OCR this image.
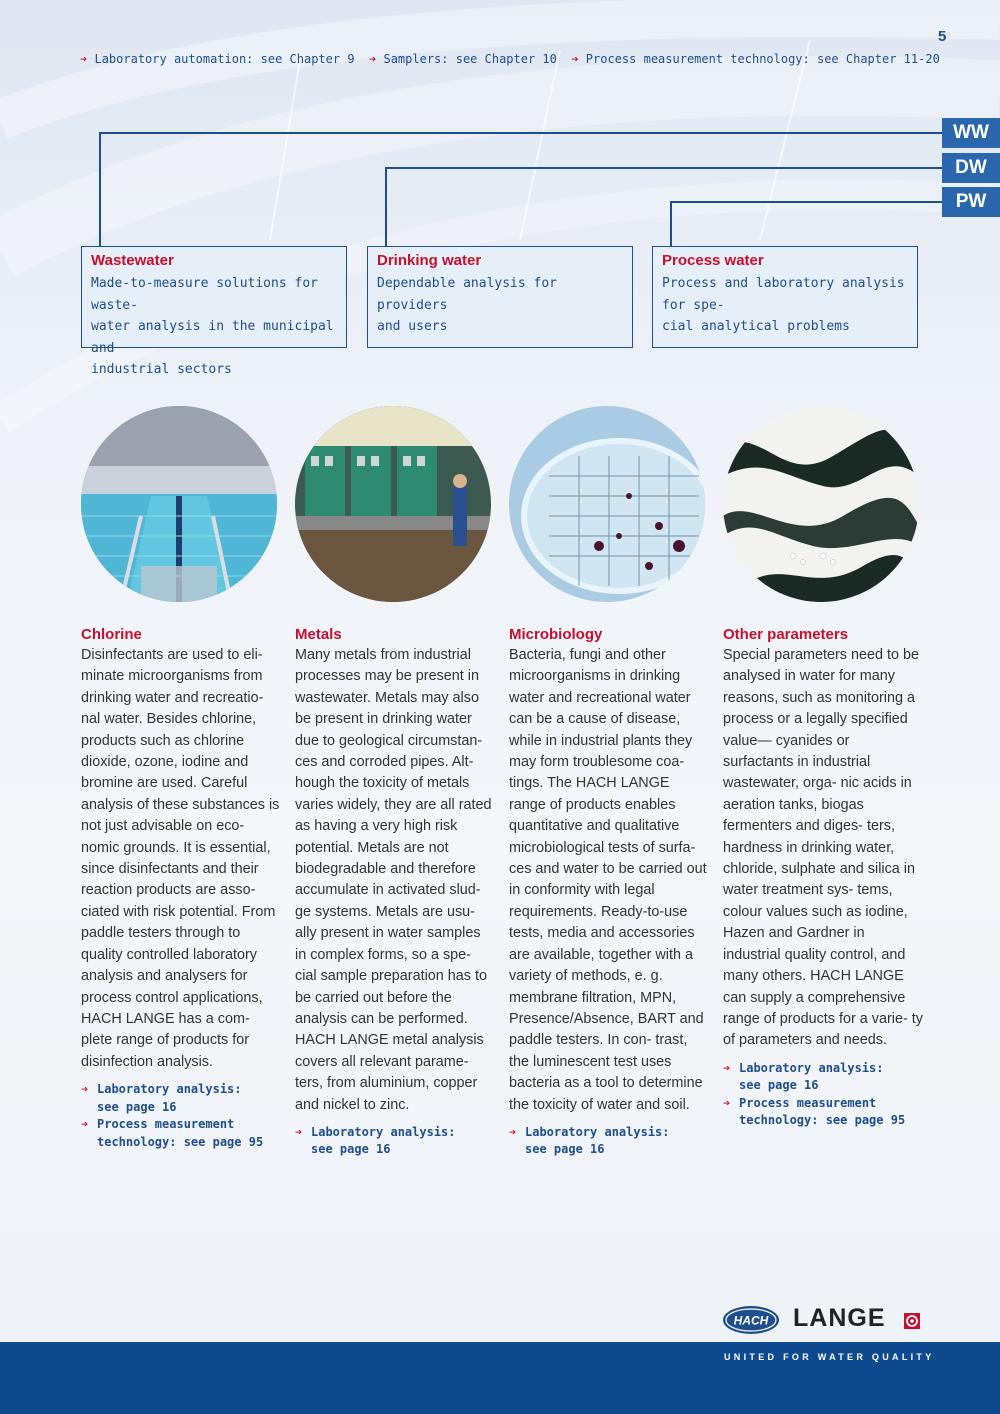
5
➔ Laboratory automation: see Chapter 9 ➔ Samplers: see Chapter 10 ➔ Process measurement technology: see Chapter 11-20
WW
DW
PW
Wastewater
Made-to-measure solutions for waste-
water analysis in the municipal and
industrial sectors
Drinking water
Dependable analysis for providers
and users
Process water
Process and laboratory analysis for spe-
cial analytical problems
Chlorine
Disinfectants are used to eli- minate microorganisms from drinking water and recreatio- nal water. Besides chlorine, products such as chlorine dioxide, ozone, iodine and bromine are used. Careful analysis of these substances is not just advisable on eco- nomic grounds. It is essential, since disinfectants and their reaction products are asso- ciated with risk potential. From paddle testers through to quality controlled laboratory analysis and analysers for process control applications, HACH LANGE has a com- plete range of products for disinfection analysis.
➔ Laboratory analysis:
see page 16
➔ Process measurement
technology: see page 95
Metals
Many metals from industrial processes may be present in wastewater. Metals may also be present in drinking water due to geological circumstan- ces and corroded pipes. Alt- hough the toxicity of metals varies widely, they are all rated as having a very high risk potential. Metals are not biodegradable and therefore accumulate in activated slud- ge systems. Metals are usu- ally present in water samples in complex forms, so a spe- cial sample preparation has to be carried out before the analysis can be performed. HACH LANGE metal analysis covers all relevant parame- ters, from aluminium, copper and nickel to zinc.
➔ Laboratory analysis:
see page 16
Microbiology
Bacteria, fungi and other microorganisms in drinking water and recreational water can be a cause of disease, while in industrial plants they may form troublesome coa- tings. The HACH LANGE range of products enables quantitative and qualitative microbiological tests of surfa- ces and water to be carried out in conformity with legal requirements. Ready-to-use tests, media and accessories are available, together with a variety of methods, e. g. membrane filtration, MPN, Presence/Absence, BART and paddle testers. In con- trast, the luminescent test uses bacteria as a tool to determine the toxicity of water and soil.
➔ Laboratory analysis:
see page 16
Other parameters
Special parameters need to be analysed in water for many reasons, such as monitoring a process or a legally specified value— cyanides or surfactants in industrial wastewater, orga- nic acids in aeration tanks, biogas fermenters and diges- ters, hardness in drinking water, chloride, sulphate and silica in water treatment sys- tems, colour values such as iodine, Hazen and Gardner in industrial quality control, and many others. HACH LANGE can supply a comprehensive range of products for a varie- ty of parameters and needs.
➔ Laboratory analysis:
see page 16
➔ Process measurement
technology: see page 95
HACH LANGE
UNITED FOR WATER QUALITY
